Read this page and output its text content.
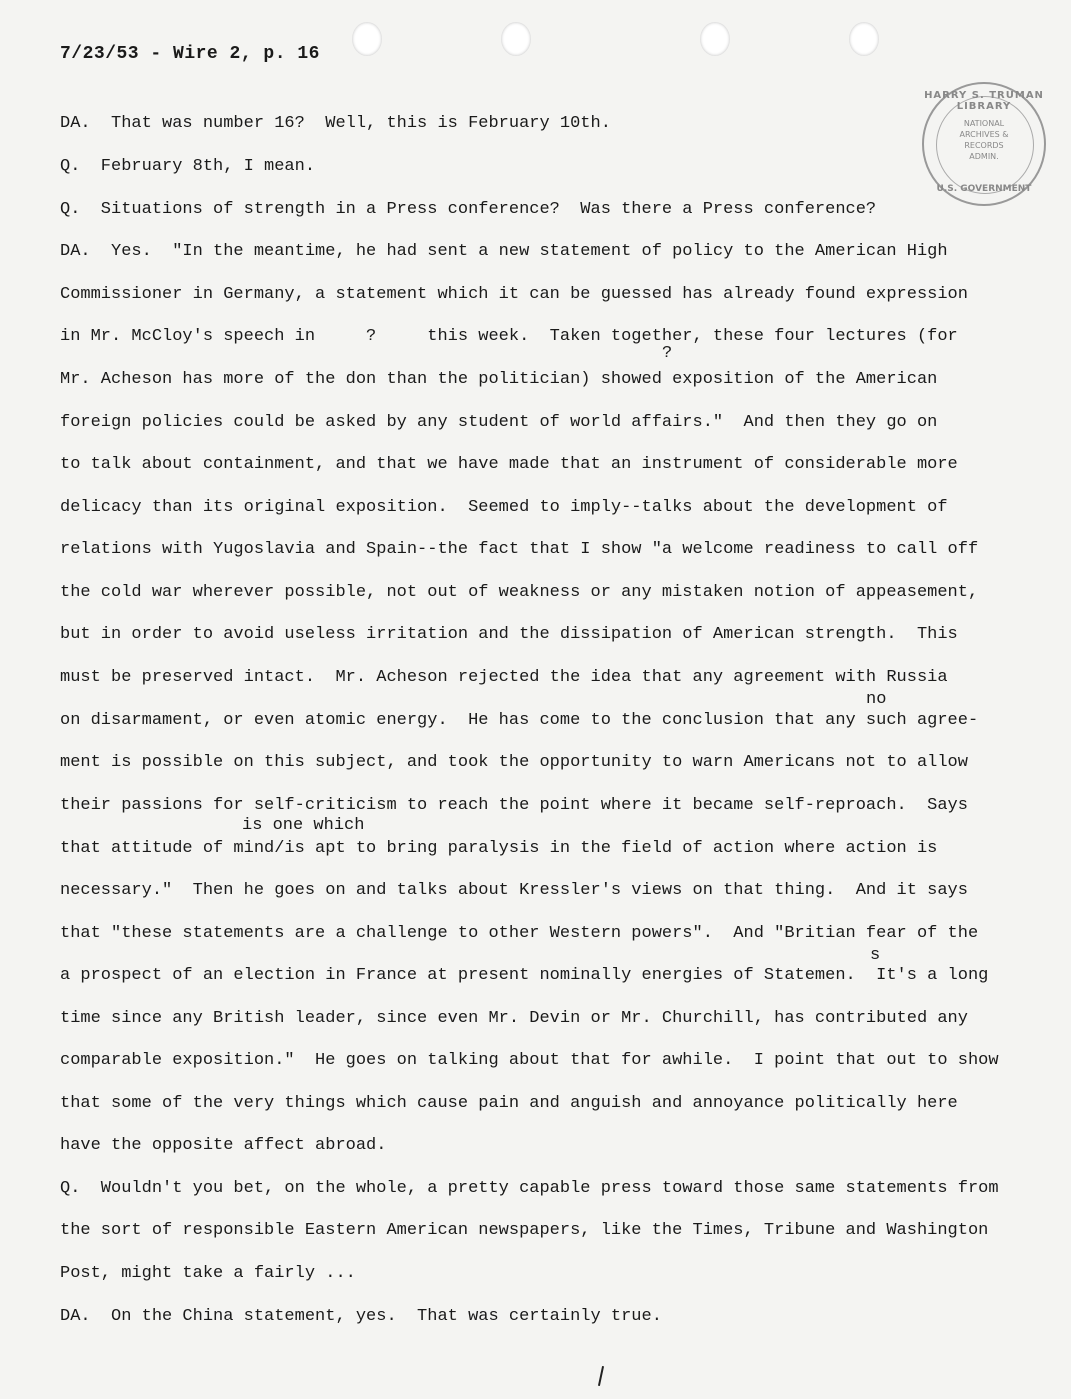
7/23/53 - Wire 2, p. 16
HARRY S. TRUMAN LIBRARY
NATIONAL
ARCHIVES &
RECORDS
ADMIN.
U.S. GOVERNMENT
DA.  That was number 16?  Well, this is February 10th.
Q.  February 8th, I mean.
Q.  Situations of strength in a Press conference?  Was there a Press conference?
DA.  Yes.  "In the meantime, he had sent a new statement of policy to the American High
Commissioner in Germany, a statement which it can be guessed has already found expression
in Mr. McCloy's speech in     ?     this week.  Taken together, these four lectures (for
?
Mr. Acheson has more of the don than the politician) showed exposition of the American
foreign policies could be asked by any student of world affairs."  And then they go on
to talk about containment, and that we have made that an instrument of considerable more
delicacy than its original exposition.  Seemed to imply--talks about the development of
relations with Yugoslavia and Spain--the fact that I show "a welcome readiness to call off
the cold war wherever possible, not out of weakness or any mistaken notion of appeasement,
but in order to avoid useless irritation and the dissipation of American strength.  This
must be preserved intact.  Mr. Acheson rejected the idea that any agreement with Russia
no
on disarmament, or even atomic energy.  He has come to the conclusion that any such agree-
ment is possible on this subject, and took the opportunity to warn Americans not to allow
their passions for self-criticism to reach the point where it became self-reproach.  Says
is one which
that attitude of mind/is apt to bring paralysis in the field of action where action is
necessary."  Then he goes on and talks about Kressler's views on that thing.  And it says
that "these statements are a challenge to other Western powers".  And "Britian fear of the
s
a prospect of an election in France at present nominally energies of Statemen.  It's a long
time since any British leader, since even Mr. Devin or Mr. Churchill, has contributed any
comparable exposition."  He goes on talking about that for awhile.  I point that out to show
that some of the very things which cause pain and anguish and annoyance politically here
have the opposite affect abroad.
Q.  Wouldn't you bet, on the whole, a pretty capable press toward those same statements from
the sort of responsible Eastern American newspapers, like the Times, Tribune and Washington
Post, might take a fairly ...
DA.  On the China statement, yes.  That was certainly true.
